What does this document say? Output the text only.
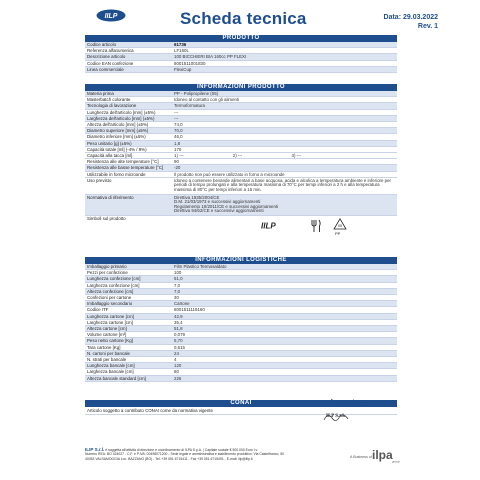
IILP	Scheda tecnica	Data: 29.03.2022
Rev. 1
PRODOTTO
Codice articolo	61736
Referenza alfanumerica	LF160L
Descrizione articolo	100 BICCHIERI BIA 160cc PP FLEXI
Codice EAN confezione	8001511001830
Linea commerciale	FlexiCup
INFORMAZIONI PRODOTTO
Materia prima	PP - Polipropilene (05)
Masterbatch colorante	Idoneo al contatto con gli alimenti
Tecnologia di lavorazione	Termoformatura
Lunghezza dell'articolo [mm] (±5%)	---
Larghezza dell'articolo [mm] (±5%)	---
Altezza dell'articolo [mm] (±5%)	74,0
Diametro superiore [mm] (±5%)	70,0
Diametro inferiore [mm] (±5%)	46,0
Peso unitario [g] (±5%)	1,8
Capacità totale [ml] (-4% / 9%)	170
Capacità alla tacca [ml]	1) ---	2) ---	3) ---
Resistenza alle alte temperature [°C]	90
Resistenza alle basse temperature [°C]	-20
Utilizzabile in forno microonde	Il prodotto non può essere utilizzato in forno a microonde
Uso previsto	Idoneo a contenere bevande alimentari a base acquosa, acida e alcolica a temperatura ambiente e inferiore per periodi di tempo prolungati e alla temperatura massima di 70°C per tempi inferiori a 2 h e alla temperatura massima di 80°C per tempi inferiori a 15 min.
Normativa di riferimento	Direttiva 1935/2004/CE
D.M. 21/03/1973 e successivi aggiornamenti
Regolamento 10/2011/CE e successivi aggiornamenti
Direttiva 94/62/CE e successivi aggiornamenti
Simboli sul prodotto
IILP	05
PP
INFORMAZIONI LOGISTICHE
Imballaggio primario	Film Plastico Termosaldato
Pezzi per confezione	100
Lunghezza confezione [cm]	51,0
Larghezza confezione [cm]	7,0
Altezza confezione [cm]	7,0
Confezioni per cartone	30
Imballaggio secondario	Cartone
Codice ITF	8001511119160
Lunghezza cartone [cm]	42,9
Larghezza cartone [cm]	35,4
Altezza cartone [cm]	51,8
Volume cartone [m³]	0,079
Peso netto cartone [Kg]	5,70
Tara cartone [Kg]	0,615
N. cartoni per bancale	24
N. strati per bancale	4
Lunghezza bancale [cm]	120
Larghezza bancale [cm]	80
Altezza bancale standard [cm]	226
CONAI
Articolo soggetto a contributo CONAI come da normativa vigente
Approvazione:
ILP S.r.l.
ILIP S.r.l. è soggetta all'attività di direzione e coordinamento di ILPA S.p.A. | Capitale sociale € 500.000 Euro i.v.
Numero REA: BO 424027 - C.F. e P.IVA: 00498071200 - Sede legale e amministrativa e stabilimento produttivo: Via Castelfranco, 50
40053 VALSAMOGGIA Loc. BAZZANO (BO) - Tel. +39 051 6715411 - Fax +39 051 6715491 - E-mail: ilip@ilip.it	A Business of ilpa group
